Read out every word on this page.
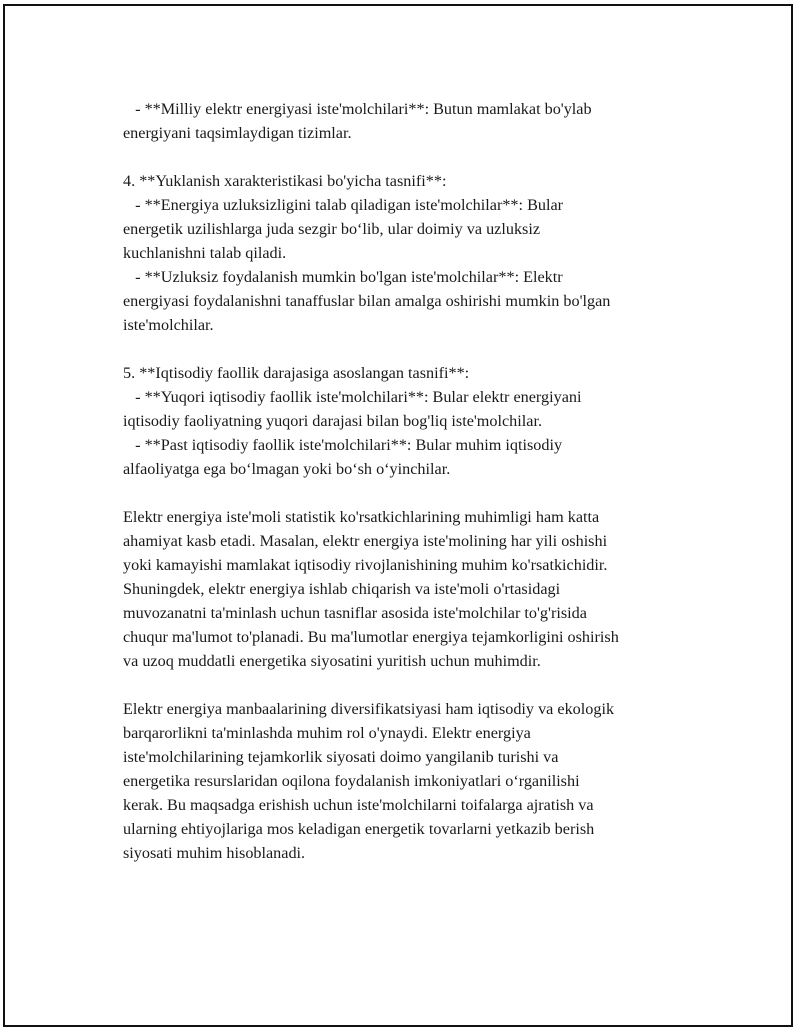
- **Milliy elektr energiyasi iste'molchilari**: Butun mamlakat bo'ylab
energiyani taqsimlaydigan tizimlar.
4. **Yuklanish xarakteristikasi bo'yicha tasnifi**:
- **Energiya uzluksizligini talab qiladigan iste'molchilar**: Bular
energetik uzilishlarga juda sezgir bo‘lib, ular doimiy va uzluksiz
kuchlanishni talab qiladi.
- **Uzluksiz foydalanish mumkin bo'lgan iste'molchilar**: Elektr
energiyasi foydalanishni tanaffuslar bilan amalga oshirishi mumkin bo'lgan
iste'molchilar.
5. **Iqtisodiy faollik darajasiga asoslangan tasnifi**:
- **Yuqori iqtisodiy faollik iste'molchilari**: Bular elektr energiyani
iqtisodiy faoliyatning yuqori darajasi bilan bog'liq iste'molchilar.
- **Past iqtisodiy faollik iste'molchilari**: Bular muhim iqtisodiy
alfaoliyatga ega bo‘lmagan yoki bo‘sh o‘yinchilar.
Elektr energiya iste'moli statistik ko'rsatkichlarining muhimligi ham katta
ahamiyat kasb etadi. Masalan, elektr energiya iste'molining har yili oshishi
yoki kamayishi mamlakat iqtisodiy rivojlanishining muhim ko'rsatkichidir.
Shuningdek, elektr energiya ishlab chiqarish va iste'moli o'rtasidagi
muvozanatni ta'minlash uchun tasniflar asosida iste'molchilar to'g'risida
chuqur ma'lumot to'planadi. Bu ma'lumotlar energiya tejamkorligini oshirish
va uzoq muddatli energetika siyosatini yuritish uchun muhimdir.
Elektr energiya manbaalarining diversifikatsiyasi ham iqtisodiy va ekologik
barqarorlikni ta'minlashda muhim rol o'ynaydi. Elektr energiya
iste'molchilarining tejamkorlik siyosati doimo yangilanib turishi va
energetika resurslaridan oqilona foydalanish imkoniyatlari o‘rganilishi
kerak. Bu maqsadga erishish uchun iste'molchilarni toifalarga ajratish va
ularning ehtiyojlariga mos keladigan energetik tovarlarni yetkazib berish
siyosati muhim hisoblanadi.
